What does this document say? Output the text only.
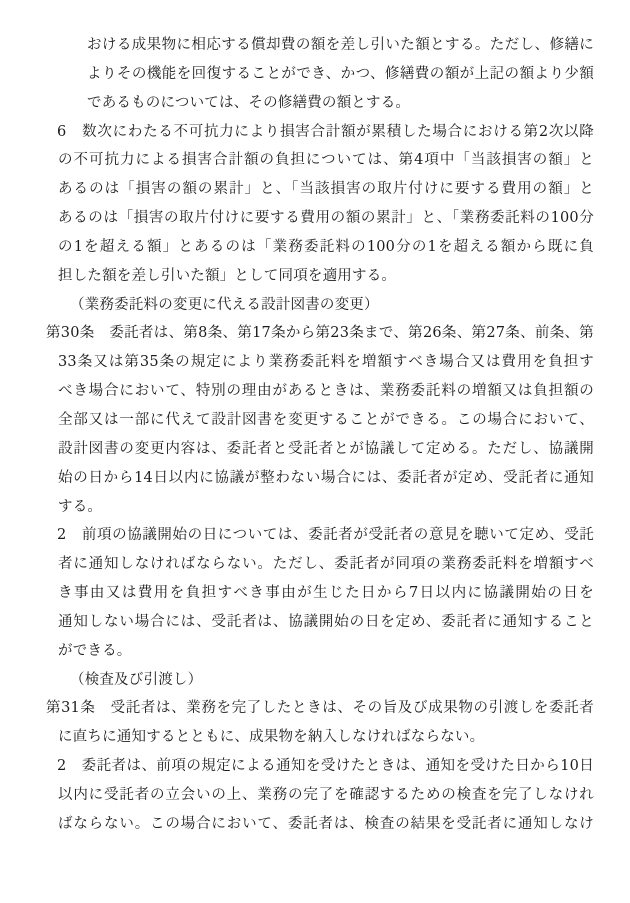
おける成果物に相応する償却費の額を差し引いた額とする。ただし、修繕に
よりその機能を回復することができ、かつ、修繕費の額が上記の額より少額
であるものについては、その修繕費の額とする。
6　数次にわたる不可抗力により損害合計額が累積した場合における第2次以降
の不可抗力による損害合計額の負担については、第4項中「当該損害の額」と
あるのは「損害の額の累計」と、「当該損害の取片付けに要する費用の額」と
あるのは「損害の取片付けに要する費用の額の累計」と、「業務委託料の100分
の1を超える額」とあるのは「業務委託料の100分の1を超える額から既に負
担した額を差し引いた額」として同項を適用する。
（業務委託料の変更に代える設計図書の変更）
第30条　委託者は、第8条、第17条から第23条まで、第26条、第27条、前条、第
33条又は第35条の規定により業務委託料を増額すべき場合又は費用を負担す
べき場合において、特別の理由があるときは、業務委託料の増額又は負担額の
全部又は一部に代えて設計図書を変更することができる。この場合において、
設計図書の変更内容は、委託者と受託者とが協議して定める。ただし、協議開
始の日から14日以内に協議が整わない場合には、委託者が定め、受託者に通知
する。
2　前項の協議開始の日については、委託者が受託者の意見を聴いて定め、受託
者に通知しなければならない。ただし、委託者が同項の業務委託料を増額すべ
き事由又は費用を負担すべき事由が生じた日から7日以内に協議開始の日を
通知しない場合には、受託者は、協議開始の日を定め、委託者に通知すること
ができる。
（検査及び引渡し）
第31条　受託者は、業務を完了したときは、その旨及び成果物の引渡しを委託者
に直ちに通知するとともに、成果物を納入しなければならない。
2　委託者は、前項の規定による通知を受けたときは、通知を受けた日から10日
以内に受託者の立会いの上、業務の完了を確認するための検査を完了しなけれ
ばならない。この場合において、委託者は、検査の結果を受託者に通知しなけ
